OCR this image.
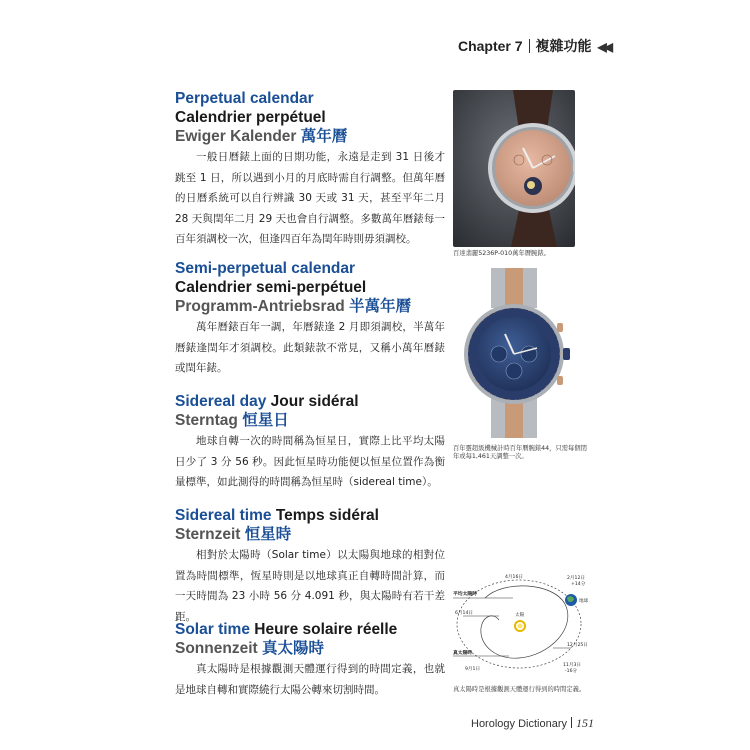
Chapter 7 複雜功能 ◀◀
Perpetual calendar
Calendrier perpétuel
Ewiger Kalender 萬年曆
一般日曆錶上面的日期功能，永遠是走到 31 日後才跳至 1 日，所以遇到小月的月底時需自行調整。但萬年曆的日曆系統可以自行辨識 30 天或 31 天，甚至平年二月 28 天與閏年二月 29 天也會自行調整。多數萬年曆錶每一百年須調校一次，但逢四百年為閏年時則毋須調校。
Semi-perpetual calendar
Calendrier semi-perpétuel
Programm-Antriebsrad 半萬年曆
萬年曆錶百年一調，年曆錶逢 2 月即須調校，半萬年曆錶逢閏年才須調校。此類錶款不常見，又稱小萬年曆錶或閏年錶。
Sidereal day Jour sidéral
Sterntag 恒星日
地球自轉一次的時間稱為恒星日，實際上比平均太陽日少了 3 分 56 秒。因此恒星時功能便以恒星位置作為衡量標準，如此測得的時間稱為恒星時（sidereal time）。
Sidereal time Temps sidéral
Sternzeit 恒星時
相對於太陽時（Solar time）以太陽與地球的相對位置為時間標準，恆星時則是以地球真正自轉時間計算，而一天時間為 23 小時 56 分 4.091 秒，與太陽時有若干差距。
Solar time Heure solaire réelle
Sonnenzeit 真太陽時
真太陽時是根據觀測天體運行得到的時間定義，也就是地球自轉和實際繞行太陽公轉來切割時間。
百達翡麗5236P-010萬年曆腕錶。
百年靈超級機械計時百年曆腕錶44，只需每個閏年或每1,461天調整一次。
4月16日	2月12日
+14分
平均太陽時
6月14日	太陽
地球
真太陽時
9月1日
12月25日
11月3日
-16分
真太陽時是根據觀測天體運行得到的時間定義。
Horology Dictionary 151
